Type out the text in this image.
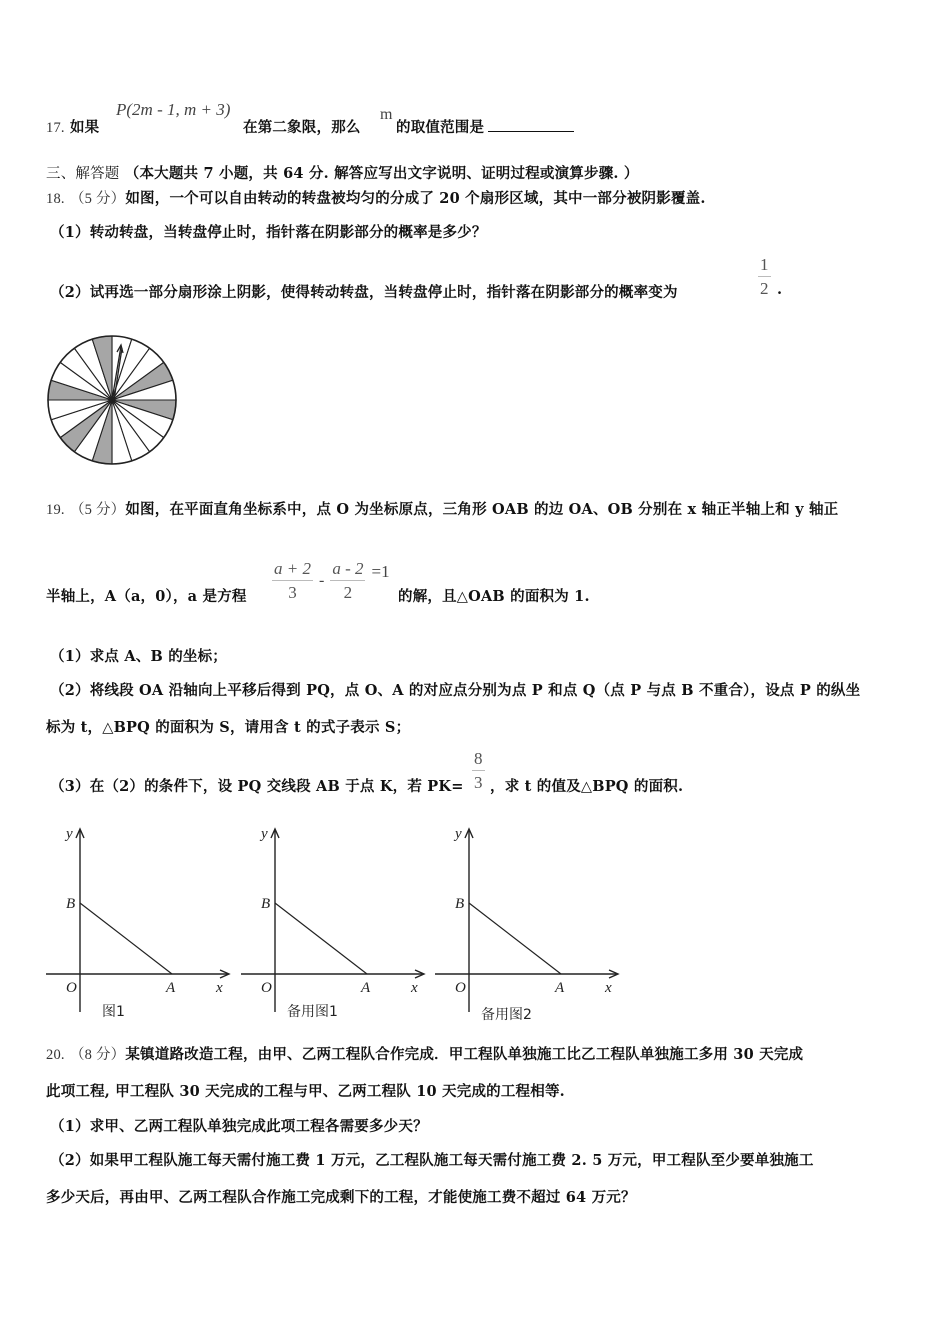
17. 如果
P(2m - 1, m + 3)
在第二象限，那么
m
的取值范围是
三、解答题 （本大题共 7 小题，共 64 分. 解答应写出文字说明、证明过程或演算步骤. ）
18. （5 分）如图，一个可以自由转动的转盘被均匀的分成了 20 个扇形区域，其中一部分被阴影覆盖.
（1）转动转盘，当转盘停止时，指针落在阴影部分的概率是多少？
（2）试再选一部分扇形涂上阴影，使得转动转盘，当转盘停止时，指针落在阴影部分的概率变为	$\frac{1}{2}$ .
19. （5 分）如图，在平面直角坐标系中，点 O 为坐标原点，三角形 OAB 的边 OA、OB 分别在 x 轴正半轴上和 y 轴正
半轴上，A（a，0），a 是方程 $\frac{a + 2}{3} - \frac{a - 2}{2} =1$
的解，且△OAB 的面积为 1.
（1）求点 A、B 的坐标；
（2）将线段 OA 沿轴向上平移后得到 PQ，点 O、A 的对应点分别为点 P 和点 Q（点 P 与点 B 不重合），设点 P 的纵坐
标为 t，△BPQ 的面积为 S，请用含 t 的式子表示 S；
（3）在（2）的条件下，设 PQ 交线段 AB 于点 K，若 $PK= \frac{8}{3}$ ，求 t 的值及△BPQ 的面积.
y
B
O	A	x
图1
y
B
O	A	x
备用图1
y
B
O	A	x
备用图2
20. （8 分）某镇道路改造工程，由甲、乙两工程队合作完成．甲工程队单独施工比乙工程队单独施工多用 30 天完成
此项工程, 甲工程队 30 天完成的工程与甲、乙两工程队 10 天完成的工程相等.
（1）求甲、乙两工程队单独完成此项工程各需要多少天？
（2）如果甲工程队施工每天需付施工费 1 万元，乙工程队施工每天需付施工费 2. 5 万元，甲工程队至少要单独施工
多少天后，再由甲、乙两工程队合作施工完成剩下的工程，才能使施工费不超过 64 万元？
